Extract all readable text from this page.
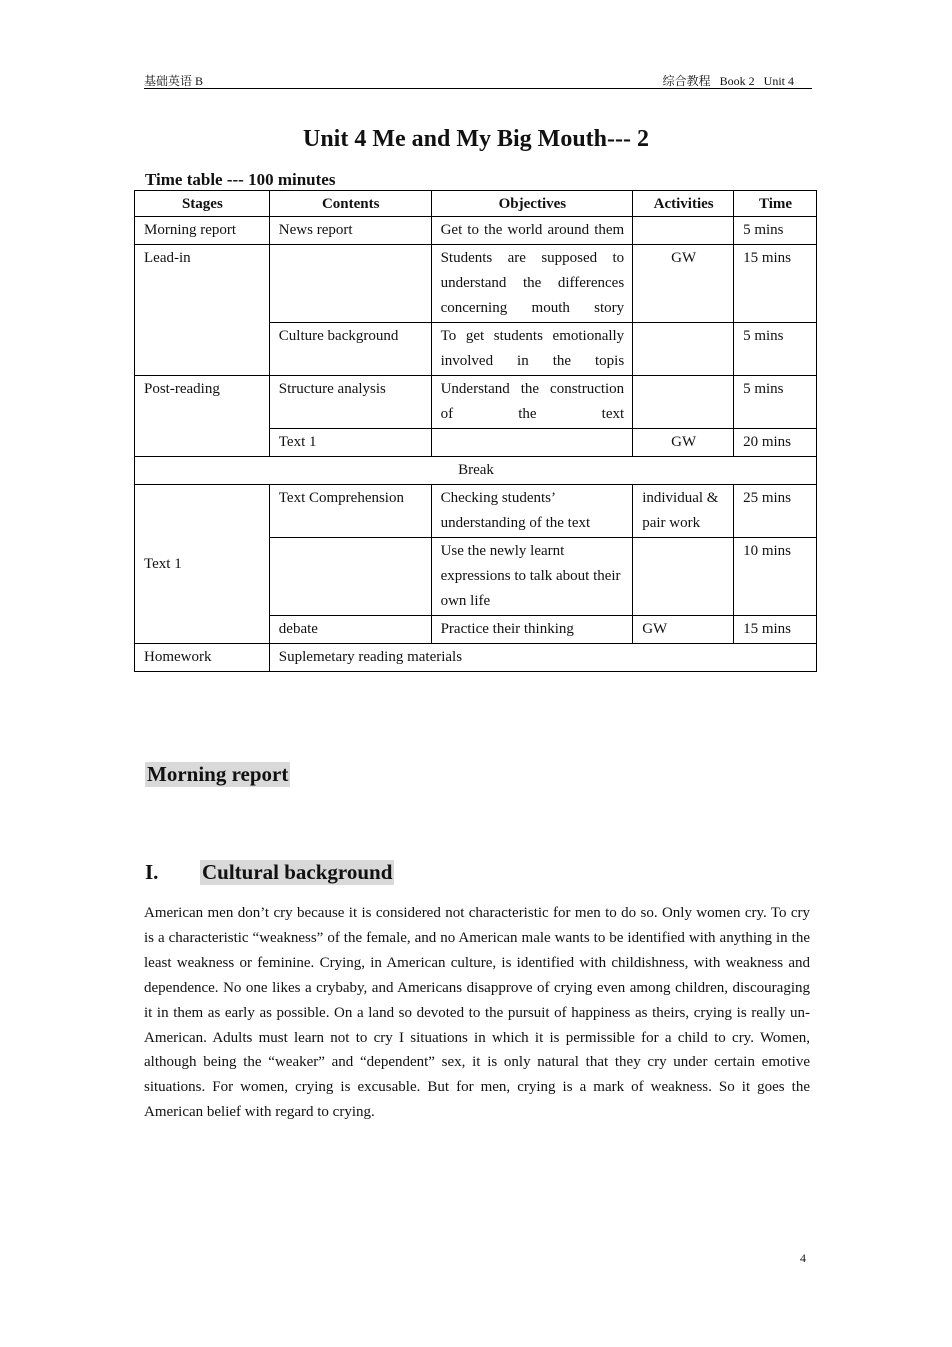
基础英语 B	综合教程   Book 2   Unit 4
Unit 4 Me and My Big Mouth--- 2
Time table --- 100 minutes
Stages	Contents	Objectives	Activities	Time
Morning report	News report	Get to the world around them		5 mins
Lead-in		Students are supposed to understand the differences concerning mouth story	GW	15 mins
	Culture background	To get students emotionally involved in the topis		5 mins
Post-reading	Structure analysis	Understand the construction of the text		5 mins
	Text 1		GW	20 mins
Break				
Text 1	Text Comprehension	Checking students’ understanding of the text	individual & pair work	25 mins
		Use the newly learnt expressions to talk about their own life		10 mins
	debate	Practice their thinking	GW	15 mins
Homework	Suplemetary reading materials			
Morning report
I. Cultural background
American men don’t cry because it is considered not characteristic for men to do so. Only women cry. To cry is a characteristic “weakness” of the female, and no American male wants to be identified with anything in the least weakness or feminine. Crying, in American culture, is identified with childishness, with weakness and dependence. No one likes a crybaby, and Americans disapprove of crying even among children, discouraging it in them as early as possible. On a land so devoted to the pursuit of happiness as theirs, crying is really un-American. Adults must learn not to cry I situations in which it is permissible for a child to cry. Women, although being the “weaker” and “dependent” sex, it is only natural that they cry under certain emotive situations. For women, crying is excusable. But for men, crying is a mark of weakness. So it goes the American belief with regard to crying.
4
